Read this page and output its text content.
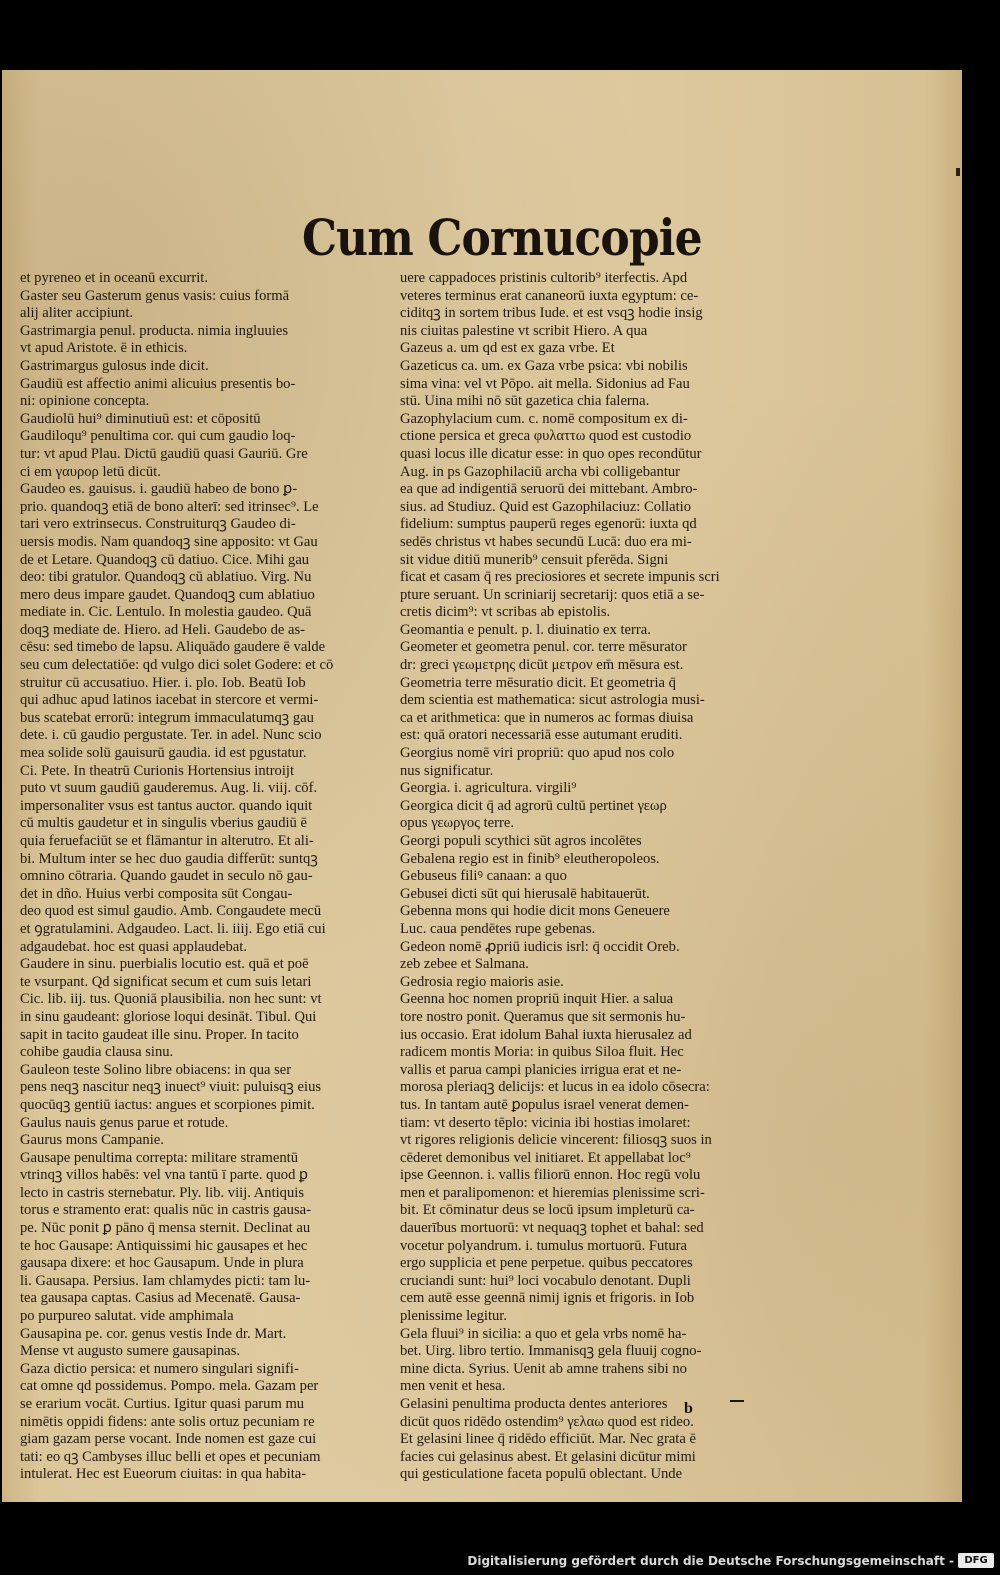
Cum Cornucopie
et pyreneo et in oceanū excurrit.
Gaster seu Gasterum genus vasis: cuius formā
alij aliter accipiunt.
Gastrimargia penul. producta. nimia ingluuies
vt apud Aristote. ē in ethicis.
Gastrimargus gulosus inde dicit.
Gaudiū est affectio animi alicuius presentis bo-
ni: opinione concepta.
Gaudiolū hui⁹ diminutiuū est: et cōpositū
Gaudiloqu⁹ penultima cor. qui cum gaudio loq-
tur: vt apud Plau. Dictū gaudiū quasi Gauriū. Gre
ci em γαυρορ letū dicūt.
Gaudeo es. gauisus. i. gaudiū habeo de bono ꝑ-
prio. quandoqꝫ etiā de bono alterī: sed itrinsec⁹. Le
tari vero extrinsecus. Construiturqꝫ Gaudeo di-
uersis modis. Nam quandoqꝫ sine apposito: vt Gau
de et Letare. Quandoqꝫ cū datiuo. Cice. Mihi gau
deo: tibi gratulor. Quandoqꝫ cū ablatiuo. Virg. Nu
mero deus impare gaudet. Quandoqꝫ cum ablatiuo
mediate in. Cic. Lentulo. In molestia gaudeo. Quā
doqꝫ mediate de. Hiero. ad Heli. Gaudebo de as-
cēsu: sed timebo de lapsu. Aliquādo gaudere ē valde
seu cum delectatiōe: qd vulgo dici solet Godere: et cō
struitur cū accusatiuo. Hier. i. plo. Iob. Beatū Iob
qui adhuc apud latinos iacebat in stercore et vermi-
bus scatebat errorū: integrum immaculatumqꝫ gau
dete. i. cū gaudio pergustate. Ter. in adel. Nunc scio
mea solide solū gauisurū gaudia. id est pgustatur.
Ci. Pete. In theatrū Curionis Hortensius introijt
puto vt suum gaudiū gauderemus. Aug. li. viij. cōf.
impersonaliter vsus est tantus auctor. quando iquit
cū multis gaudetur et in singulis vberius gaudiū ē
quia feruefaciūt se et flāmantur in alterutro. Et ali-
bi. Multum inter se hec duo gaudia differūt: suntqꝫ
omnino cōtraria. Quando gaudet in seculo nō gau-
det in dño. Huius verbi composita sūt Congau-
deo quod est simul gaudio. Amb. Congaudete mecū
et ꝯgratulamini. Adgaudeo. Lact. li. iiij. Ego etiā cui
adgaudebat. hoc est quasi applaudebat.
Gaudere in sinu. puerbialis locutio est. quā et poē
te vsurpant. Qd significat secum et cum suis letari
Cic. lib. iij. tus. Quoniā plausibilia. non hec sunt: vt
in sinu gaudeant: gloriose loqui desināt. Tibul. Qui
sapit in tacito gaudeat ille sinu. Proper. In tacito
cohibe gaudia clausa sinu.
Gauleon teste Solino libre obiacens: in qua ser
pens neqꝫ nascitur neqꝫ inuect⁹ viuit: puluisqꝫ eius
quocūqꝫ gentiū iactus: angues et scorpiones pimit.
Gaulus nauis genus parue et rotude.
Gaurus mons Campanie.
Gausape penultima correpta: militare stramentū
vtrinqꝫ villos habēs: vel vna tantū ī parte. quod ꝑ
lecto in castris sternebatur. Ply. lib. viij. Antiquis
torus e stramento erat: qualis nūc in castris gausa-
pe. Nūc ponit ꝑ pāno q̄ mensa sternit. Declinat au
te hoc Gausape: Antiquissimi hic gausapes et hec
gausapa dixere: et hoc Gausapum. Unde in plura
li. Gausapa. Persius. Iam chlamydes picti: tam lu-
tea gausapa captas. Casius ad Mecenatē. Gausa-
po purpureo salutat. vide amphimala
Gausapina pe. cor. genus vestis Inde dr. Mart.
Mense vt augusto sumere gausapinas.
Gaza dictio persica: et numero singulari signifi-
cat omne qd possidemus. Pompo. mela. Gazam per
se erarium vocāt. Curtius. Igitur quasi parum mu
nimētis oppidi fidens: ante solis ortuz pecuniam re
giam gazam perse vocant. Inde nomen est gaze cui
tati: eo qꝫ Cambyses illuc belli et opes et pecuniam
intulerat. Hec est Eueorum ciuitas: in qua habita-
uere cappadoces pristinis cultorib⁹ iterfectis. Apd
veteres terminus erat cananeorū iuxta egyptum: ce-
ciditqꝫ in sortem tribus Iude. et est vsqꝫ hodie insig
nis ciuitas palestine vt scribit Hiero. A qua
Gazeus a. um qd est ex gaza vrbe. Et
Gazeticus ca. um. ex Gaza vrbe psica: vbi nobilis
sima vina: vel vt Pōpo. ait mella. Sidonius ad Fau
stū. Uina mihi nō sūt gazetica chia falerna.
Gazophylacium cum. c. nomē compositum ex di-
ctione persica et greca φυλαττω quod est custodio
quasi locus ille dicatur esse: in quo opes recondūtur
Aug. in ps Gazophilaciū archa vbi colligebantur
ea que ad indigentiā seruorū dei mittebant. Ambro-
sius. ad Studiuz. Quid est Gazophilaciuz: Collatio
fidelium: sumptus pauperū reges egenorū: iuxta qd
sedēs christus vt habes secundū Lucā: duo era mi-
sit vidue ditiū munerib⁹ censuit pferēda. Signi
ficat et casam q̄ res preciosiores et secrete impunis scri
pture seruant. Un scriniarij secretarij: quos etiā a se-
cretis dicim⁹: vt scribas ab epistolis.
Geomantia e penult. p. l. diuinatio ex terra.
Geometer et geometra penul. cor. terre mēsurator
dr: greci γεωμετρης dicūt μετρον em̄ mēsura est.
Geometria terre mēsuratio dicit. Et geometria q̄
dem scientia est mathematica: sicut astrologia musi-
ca et arithmetica: que in numeros ac formas diuisa
est: quā oratori necessariā esse autumant eruditi.
Georgius nomē viri propriū: quo apud nos colo
nus significatur.
Georgia. i. agricultura. virgili⁹
Georgica dicit q̄ ad agrorū cultū pertinet γεωρ
opus γεωργος terre.
Georgi populi scythici sūt agros incolētes
Gebalena regio est in finib⁹ eleutheropoleos.
Gebuseus filiꝰ canaan: a quo
Gebusei dicti sūt qui hierusalē habitauerūt.
Gebenna mons qui hodie dicit mons Geneuere
Luc. caua pendētes rupe gebenas.
Gedeon nomē ꝓpriū iudicis isrl: q̄ occidit Oreb.
zeb zebee et Salmana.
Gedrosia regio maioris asie.
Geenna hoc nomen propriū inquit Hier. a salua
tore nostro ponit. Queramus que sit sermonis hu-
ius occasio. Erat idolum Bahal iuxta hierusalez ad
radicem montis Moria: in quibus Siloa fluit. Hec
vallis et parua campi planicies irrigua erat et ne-
morosa pleriaqꝫ delicijs: et lucus in ea idolo cōsecra:
tus. In tantam autē ꝑopulus israel venerat demen-
tiam: vt deserto tēplo: vicinia ibi hostias imolaret:
vt rigores religionis delicie vincerent: filiosqꝫ suos in
cēderet demonibus vel initiaret. Et appellabat loc⁹
ipse Geennon. i. vallis filiorū ennon. Hoc regū volu
men et paralipomenon: et hieremias plenissime scri-
bit. Et cōminatur deus se locū ipsum impleturū ca-
dauerībus mortuorū: vt nequaqꝫ tophet et bahal: sed
vocetur polyandrum. i. tumulus mortuorū. Futura
ergo supplicia et pene perpetue. quibus peccatores
cruciandi sunt: hui⁹ loci vocabulo denotant. Dupli
cem autē esse geennā nimij ignis et frigoris. in Iob
plenissime legitur.
Gela fluui⁹ in sicilia: a quo et gela vrbs nomē ha-
bet. Uirg. libro tertio. Immanisqꝫ gela fluuij cogno-
mine dicta. Syrius. Uenit ab amne trahens sibi no
men venit et hesa.
Gelasini penultima producta dentes anteriores
dicūt quos ridēdo ostendim⁹ γελαω quod est rideo.
Et gelasini linee q̄ ridēdo efficiūt. Mar. Nec grata ē
facies cui gelasinus abest. Et gelasini dicūtur mimi
qui gesticulatione faceta populū oblectant. Unde
b
Digitalisierung gefördert durch die Deutsche Forschungsgemeinschaft -	DFG
